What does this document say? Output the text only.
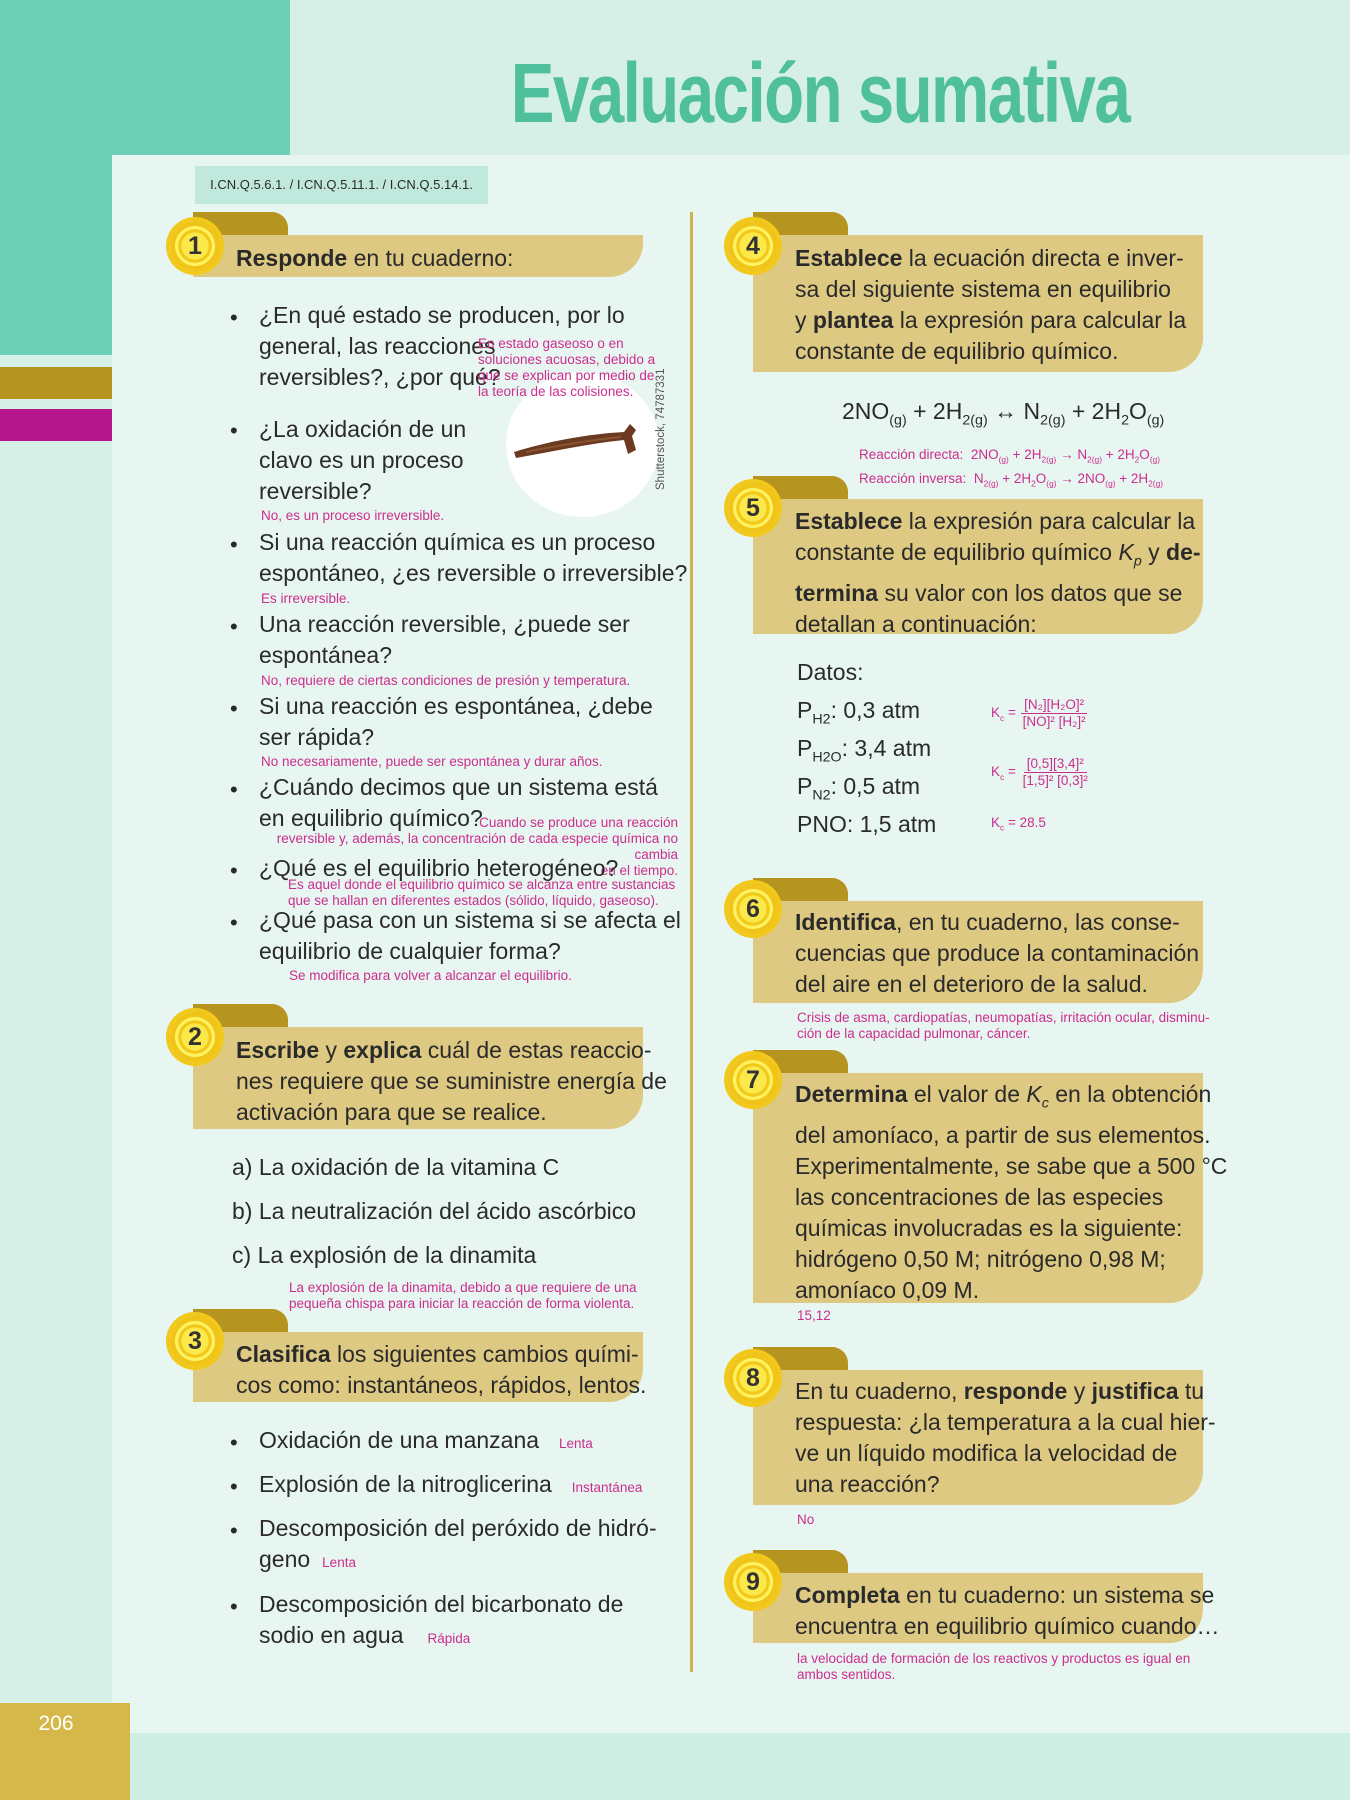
206
Evaluación sumativa
I.CN.Q.5.6.1. / I.CN.Q.5.11.1. / I.CN.Q.5.14.1.
1	Responde en tu cuaderno:
Shutterstock, 74787331
• ¿En qué estado se producen, por lo
general, las reacciones
reversibles?, ¿por qué?
En estado gaseoso o en
soluciones acuosas, debido a
que se explican por medio de
la teoría de las colisiones.
• ¿La oxidación de un
clavo es un proceso
reversible?
No, es un proceso irreversible.
• Si una reacción química es un proceso
espontáneo, ¿es reversible o irreversible?
Es irreversible.
• Una reacción reversible, ¿puede ser
espontánea?
No, requiere de ciertas condiciones de presión y temperatura.
• Si una reacción es espontánea, ¿debe
ser rápida?
No necesariamente, puede ser espontánea y durar años.
• ¿Cuándo decimos que un sistema está
en equilibrio químico?
Cuando se produce una reacción
reversible y, además, la concentración de cada especie química no cambia
en el tiempo.
• ¿Qué es el equilibrio heterogéneo?
Es aquel donde el equilibrio químico se alcanza entre sustancias
que se hallan en diferentes estados (sólido, líquido, gaseoso).
• ¿Qué pasa con un sistema si se afecta el
equilibrio de cualquier forma?
Se modifica para volver a alcanzar el equilibrio.
2	Escribe y explica cuál de estas reaccio-
nes requiere que se suministre energía de
activación para que se realice.
a) La oxidación de la vitamina C
b) La neutralización del ácido ascórbico
c) La explosión de la dinamita
La explosión de la dinamita, debido a que requiere de una
pequeña chispa para iniciar la reacción de forma violenta.
3	Clasifica los siguientes cambios quími-
cos como: instantáneos, rápidos, lentos.
• Oxidación de una manzana Lenta
• Explosión de la nitroglicerina Instantánea
• Descomposición del peróxido de hidró-
geno Lenta
• Descomposición del bicarbonato de
sodio en agua Rápida
4	Establece la ecuación directa e inver-
sa del siguiente sistema en equilibrio
y plantea la expresión para calcular la
constante de equilibrio químico.
$2NO_{(g)} + 2H_{2(g)}$ ↔ $N_{2(g)} + 2H_2O_{(g)}$
Reacción directa: $2NO_{(g)} + 2H_{2(g)} \to N_{2(g)} + 2H_2O_{(g)}$
Reacción inversa: $N_{2(g)} + 2H_2O_{(g)} \to 2NO_{(g)} + 2H_{2(g)}$
5	Establece la expresión para calcular la
constante de equilibrio químico $K_p$ y de-
termina su valor con los datos que se
detallan a continuación:
Datos:
$P_{H2}$: 0,3 atm
$P_{H2O}$: 3,4 atm
$P_{N2}$: 0,5 atm
PNO: 1,5 atm
$K_c = \frac{\text{[N₂][H₂O]²}}{\text{[NO]² [H₂]²}}$
$K_c = \frac{\text{[0,5][3,4]²}}{\text{[1,5]² [0,3]²}}$
$K_c = 28.5$
6	Identifica, en tu cuaderno, las conse-
cuencias que produce la contaminación
del aire en el deterioro de la salud.
Crisis de asma, cardiopatías, neumopatías, irritación ocular, disminu-
ción de la capacidad pulmonar, cáncer.
7
Determina el valor de $K_c$ en la obtención
del amoníaco, a partir de sus elementos.
Experimentalmente, se sabe que a 500 °C
las concentraciones de las especies
químicas involucradas es la siguiente:
hidrógeno 0,50 M; nitrógeno 0,98 M;
amoníaco 0,09 M.
15,12
8	En tu cuaderno, responde y justifica tu
respuesta: ¿la temperatura a la cual hier-
ve un líquido modifica la velocidad de
una reacción?
No
9	Completa en tu cuaderno: un sistema se
encuentra en equilibrio químico cuando…
la velocidad de formación de los reactivos y productos es igual en
ambos sentidos.
